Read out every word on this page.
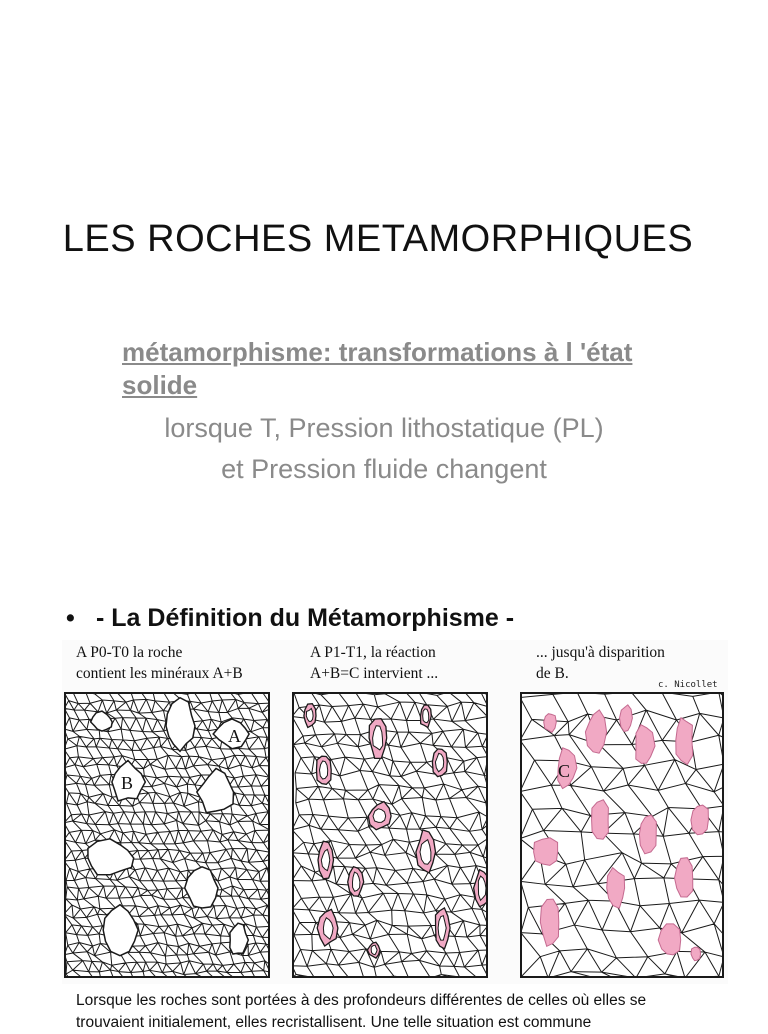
LES ROCHES METAMORPHIQUES
métamorphisme: transformations à l 'état solide
lorsque T, Pression lithostatique (PL)
et Pression fluide changent
• - La Définition du Métamorphisme -
A P0-T0 la roche
contient les minéraux A+B
A P1-T1, la réaction
A+B=C intervient ...
... jusqu'à disparition
de B.
c. Nicollet
A
B
C
Lorsque les roches sont portées à des profondeurs différentes de celles où elles se trouvaient initialement, elles recristallisent. Une telle situation est commune
